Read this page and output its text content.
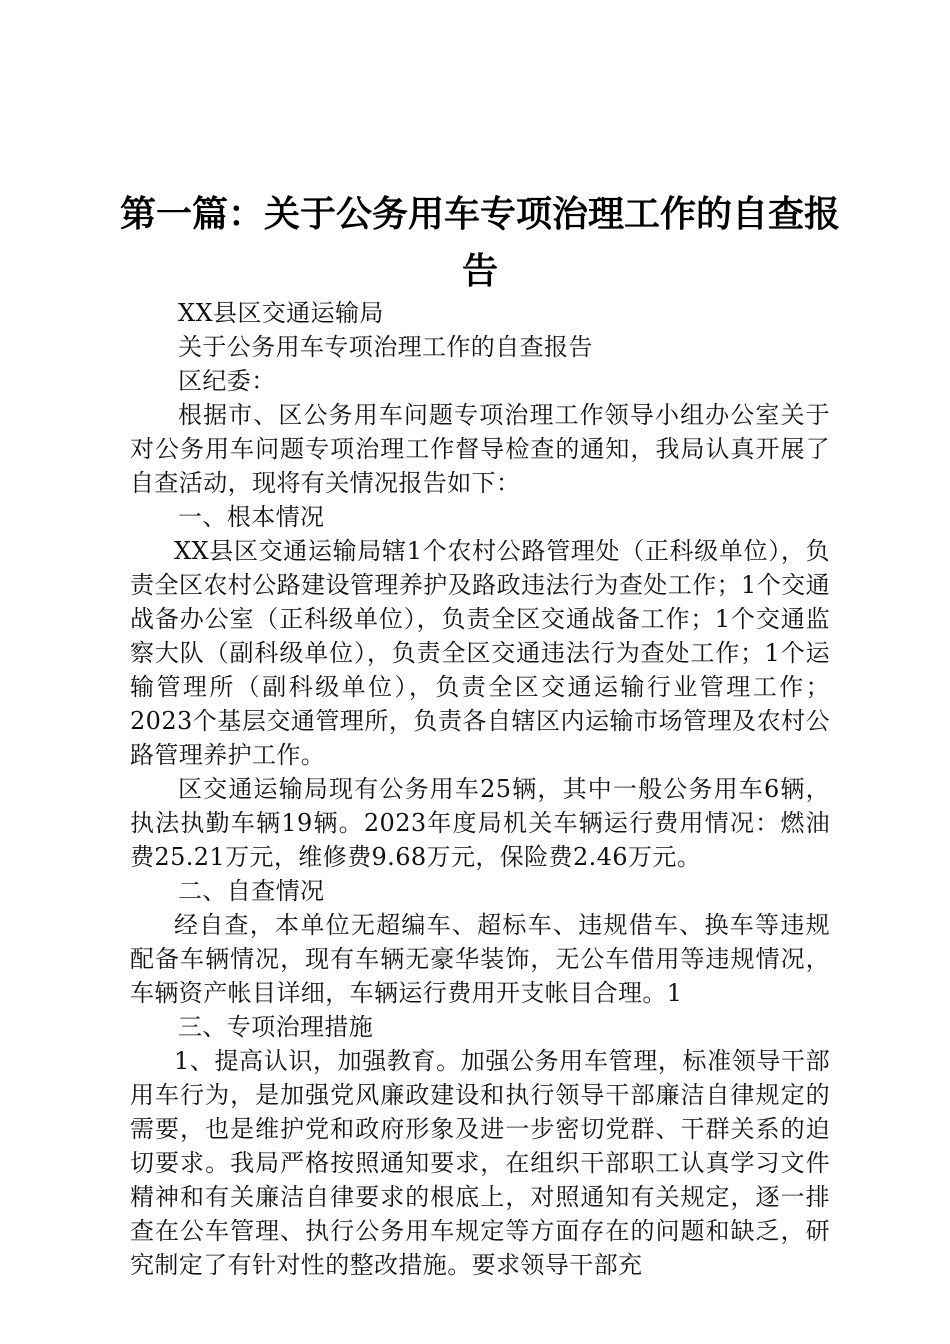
第一篇：关于公务用车专项治理工作的自查报告

XX县区交通运输局

关于公务用车专项治理工作的自查报告

区纪委：

根据市、区公务用车问题专项治理工作领导小组办公室关于对公务用车问题专项治理工作督导检查的通知，我局认真开展了自查活动，现将有关情况报告如下：

一、根本情况

XX县区交通运输局辖1个农村公路管理处（正科级单位），负责全区农村公路建设管理养护及路政违法行为查处工作；1个交通战备办公室（正科级单位），负责全区交通战备工作；1个交通监察大队（副科级单位），负责全区交通违法行为查处工作；1个运输管理所（副科级单位），负责全区交通运输行业管理工作；2023个基层交通管理所，负责各自辖区内运输市场管理及农村公路管理养护工作。

区交通运输局现有公务用车25辆，其中一般公务用车6辆，执法执勤车辆19辆。2023年度局机关车辆运行费用情况：燃油费25.21万元，维修费9.68万元，保险费2.46万元。

二、自查情况

经自查，本单位无超编车、超标车、违规借车、换车等违规配备车辆情况，现有车辆无豪华装饰，无公车借用等违规情况，车辆资产帐目详细，车辆运行费用开支帐目合理。1

三、专项治理措施

1、提高认识，加强教育。加强公务用车管理，标准领导干部用车行为，是加强党风廉政建设和执行领导干部廉洁自律规定的需要，也是维护党和政府形象及进一步密切党群、干群关系的迫切要求。我局严格按照通知要求，在组织干部职工认真学习文件精神和有关廉洁自律要求的根底上，对照通知有关规定，逐一排查在公车管理、执行公务用车规定等方面存在的问题和缺乏，研究制定了有针对性的整改措施。要求领导干部充
